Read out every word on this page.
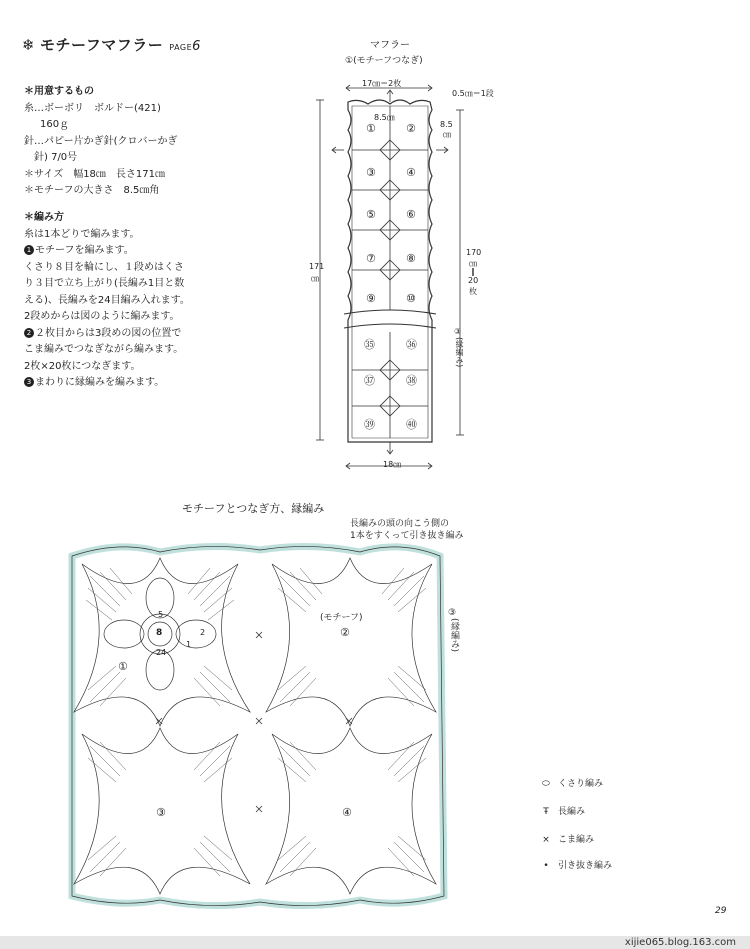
❄ モチーフマフラー PAGE6
＊用意するもの
糸…ボーボリ　ボルドー(421)
160ｇ
針…パピー片かぎ針(クロバーかぎ
針) 7/0号
＊サイズ　幅18㎝　長さ171㎝
＊モチーフの大きさ　8.5㎝角
＊編み方
糸は1本どりで編みます。
1 モチーフを編みます。
くさり８目を輪にし、１段めはくさ
り３目で立ち上がり(長編み1目と数
える)、長編みを24目編み入れます。
2段めからは図のように編みます。
2 ２枚目からは3段めの図の位置で
こま編みでつなぎながら編みます。
2枚×20枚につなぎます。
3 まわりに縁編みを編みます。
マフラー
①(モチーフつなぎ)
17㎝＝2枚
0.5㎝＝1段
8.5㎝
8.5
㎝
171
㎝
170
㎝
‖
20
枚
③
(縁編み)
18㎝
①	②
③	④
⑤	⑥
⑦	⑧
⑨	⑩
㉟	㊱
㊲	㊳
㊴	㊵
モチーフとつなぎ方、縁編み
長編みの頭の向こう側の
1本をすくって引き抜き編み
③
(縁編み)
5
8
24
2
1
①
(モチーフ)
②
③	④
⬭ くさり編み
Ŧ 長編み
× こま編み
• 引き抜き編み
29
xijie065.blog.163.com
